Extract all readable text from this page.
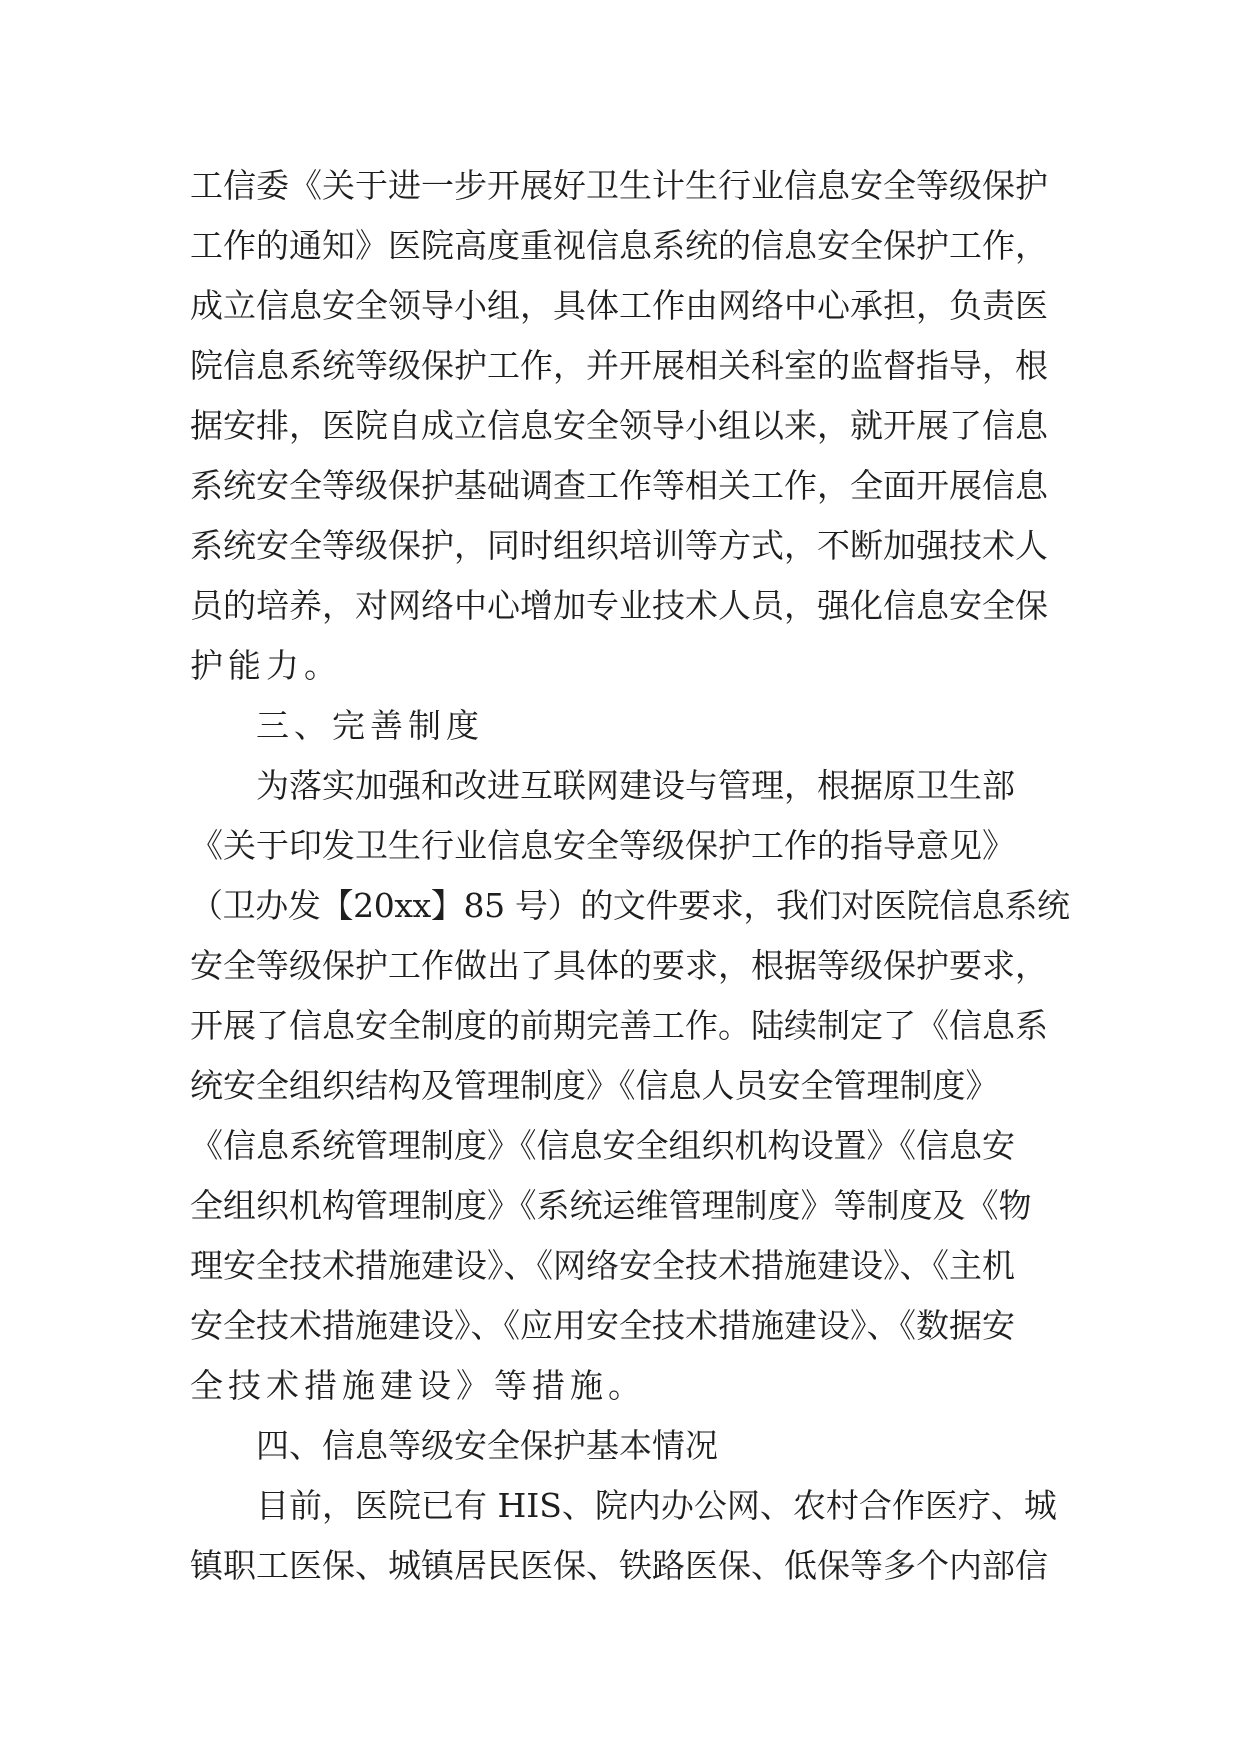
工信委《关于进一步开展好卫生计生行业信息安全等级保护
工作的通知》医院高度重视信息系统的信息安全保护工作，
成立信息安全领导小组，具体工作由网络中心承担，负责医
院信息系统等级保护工作，并开展相关科室的监督指导，根
据安排，医院自成立信息安全领导小组以来，就开展了信息
系统安全等级保护基础调查工作等相关工作，全面开展信息
系统安全等级保护，同时组织培训等方式，不断加强技术人
员的培养，对网络中心增加专业技术人员，强化信息安全保
护能力。
三、完善制度
为落实加强和改进互联网建设与管理，根据原卫生部
《关于印发卫生行业信息安全等级保护工作的指导意见》
（卫办发【20xx】85 号）的文件要求，我们对医院信息系统
安全等级保护工作做出了具体的要求，根据等级保护要求，
开展了信息安全制度的前期完善工作。陆续制定了《信息系
统安全组织结构及管理制度》《信息人员安全管理制度》
《信息系统管理制度》《信息安全组织机构设置》《信息安
全组织机构管理制度》《系统运维管理制度》等制度及《物
理安全技术措施建设》、《网络安全技术措施建设》、《主机
安全技术措施建设》、《应用安全技术措施建设》、《数据安
全技术措施建设》等措施。
四、信息等级安全保护基本情况
目前，医院已有 HIS、院内办公网、农村合作医疗、城
镇职工医保、城镇居民医保、铁路医保、低保等多个内部信
